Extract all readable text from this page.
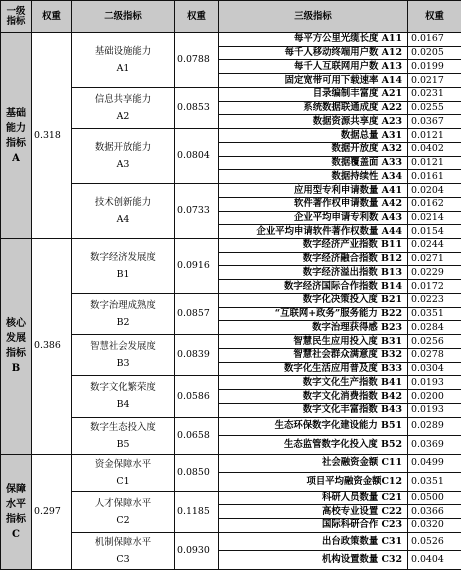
一级
指标	权重	二级指标	权重	三级指标	权重

基础
能力
指标
A	0.318	基础设施能力
A1	0.0788	每平方公里光缆长度 A11	0.0167
				每千人移动终端用户数 A12	0.0205
				每千人互联网用户数 A13	0.0199
				固定宽带可用下载速率 A14	0.0217

		信息共享能力
A2	0.0853	目录编制丰富度 A21	0.0231
				系统数据联通成度 A22	0.0255
				数据资源共享度 A23	0.0367

		数据开放能力
A3	0.0804	数据总量 A31	0.0121
				数据开放度 A32	0.0402
				数据覆盖面 A33	0.0121
				数据持续性 A34	0.0161

		技术创新能力
A4	0.0733	应用型专利申请数量 A41	0.0204
				软件著作权申请数量 A42	0.0162
				企业平均申请专利数 A43	0.0214
				企业平均申请软件著作权数量 A44	0.0154

核心
发展
指标
B	0.386	数字经济发展度
B1	0.0916	数字经济产业指数 B11	0.0244
				数字经济融合指数 B12	0.0271
				数字经济溢出指数 B13	0.0229
				数字经济国际合作指数 B14	0.0172

		数字治理成熟度
B2	0.0857	数字化决策投入度 B21	0.0223
				“互联网+政务”服务能力 B22	0.0351
				数字治理获得感 B23	0.0284

		智慧社会发展度
B3	0.0839	智慧民生应用投入度 B31	0.0256
				智慧社会群众满意度 B32	0.0278
				数字化生活应用普及度 B33	0.0304

		数字文化繁荣度
B4	0.0586	数字文化生产指数 B41	0.0193
				数字文化消费指数 B42	0.0200
				数字文化丰富指数 B43	0.0193

		数字生态投入度
B5	0.0658	生态环保数字化建设能力 B51	0.0289
				生态监管数字化投入度 B52	0.0369

保障
水平
指标
C	0.297	资金保障水平
C1	0.0850	社会融资金额 C11	0.0499
				项目平均融资金额C12	0.0351

		人才保障水平
C2	0.1185	科研人员数量 C21	0.0500
				高校专业设置 C22	0.0366
				国际科研合作 C23	0.0320

		机制保障水平
C3	0.0930	出台政策数量 C31	0.0526
				机构设置数量 C32	0.0404
